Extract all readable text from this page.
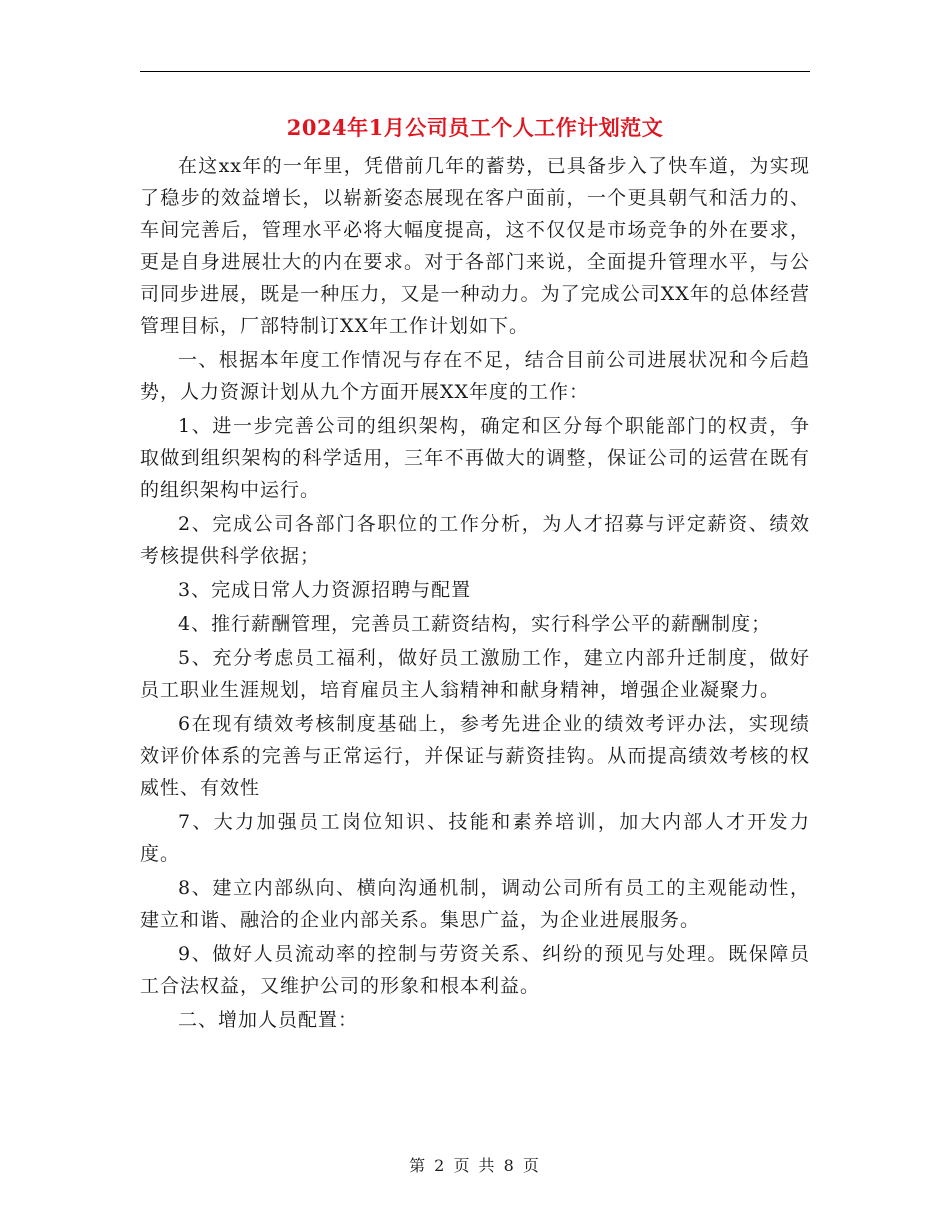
2024年1月公司员工个人工作计划范文

在这xx年的一年里，凭借前几年的蓄势，已具备步入了快车道，为实现了稳步的效益增长，以崭新姿态展现在客户面前，一个更具朝气和活力的、车间完善后，管理水平必将大幅度提高，这不仅仅是市场竞争的外在要求，更是自身进展壮大的内在要求。对于各部门来说，全面提升管理水平，与公司同步进展，既是一种压力，又是一种动力。为了完成公司XX年的总体经营管理目标，厂部特制订XX年工作计划如下。

一、根据本年度工作情况与存在不足，结合目前公司进展状况和今后趋势，人力资源计划从九个方面开展XX年度的工作：

1、进一步完善公司的组织架构，确定和区分每个职能部门的权责，争取做到组织架构的科学适用，三年不再做大的调整，保证公司的运营在既有的组织架构中运行。

2、完成公司各部门各职位的工作分析，为人才招募与评定薪资、绩效考核提供科学依据；

3、完成日常人力资源招聘与配置

4、推行薪酬管理，完善员工薪资结构，实行科学公平的薪酬制度；

5、充分考虑员工福利，做好员工激励工作，建立内部升迁制度，做好员工职业生涯规划，培育雇员主人翁精神和献身精神，增强企业凝聚力。

6在现有绩效考核制度基础上，参考先进企业的绩效考评办法，实现绩效评价体系的完善与正常运行，并保证与薪资挂钩。从而提高绩效考核的权威性、有效性

7、大力加强员工岗位知识、技能和素养培训，加大内部人才开发力度。

8、建立内部纵向、横向沟通机制，调动公司所有员工的主观能动性，建立和谐、融洽的企业内部关系。集思广益，为企业进展服务。

9、做好人员流动率的控制与劳资关系、纠纷的预见与处理。既保障员工合法权益，又维护公司的形象和根本利益。

二、增加人员配置：

第 2 页 共 8 页
